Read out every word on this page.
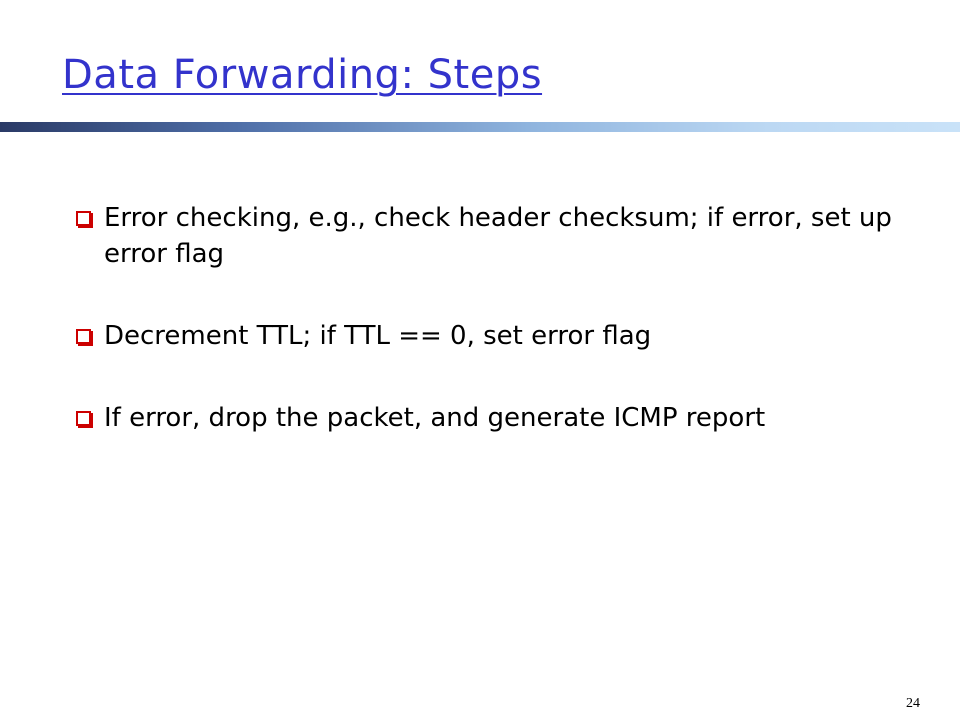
Data Forwarding: Steps
Error checking, e.g., check header checksum; if error, set up error flag
Decrement TTL; if TTL == 0, set error flag
If error, drop the packet, and generate ICMP report
24
